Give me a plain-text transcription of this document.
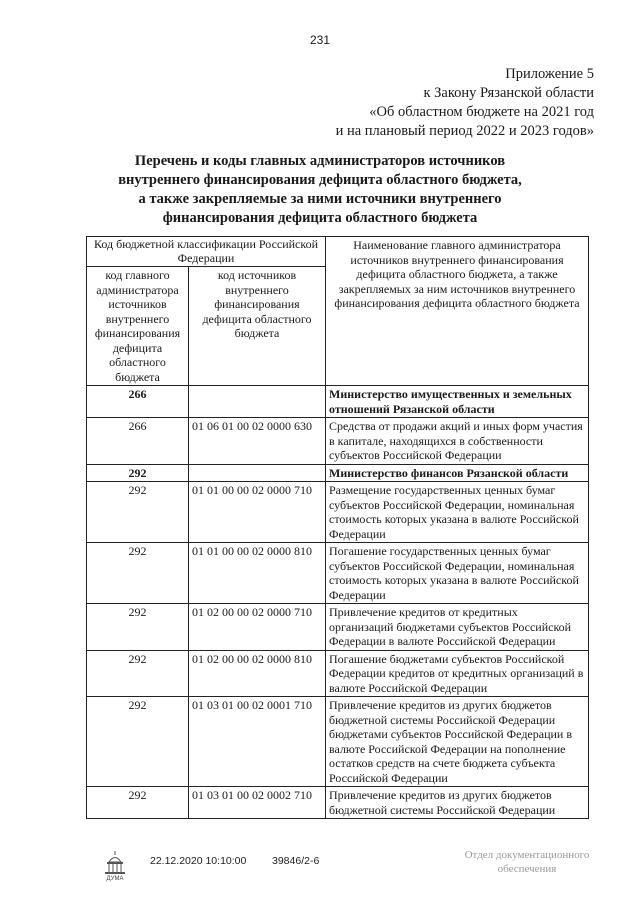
231
Приложение 5
к Закону Рязанской области
«Об областном бюджете на 2021 год
и на плановый период 2022 и 2023 годов»
Перечень и коды главных администраторов источников
внутреннего финансирования дефицита областного бюджета,
а также закрепляемые за ними источники внутреннего
финансирования дефицита областного бюджета
Код бюджетной классификации Российской Федерации		Наименование главного администратора источников внутреннего финансирования дефицита областного бюджета, а также закрепляемых за ним источников внутреннего финансирования дефицита областного бюджета
код главного администратора источников внутреннего финансирования дефицита областного бюджета	код источников внутреннего финансирования дефицита областного бюджета	
266		Министерство имущественных и земельных отношений Рязанской области
266	01 06 01 00 02 0000 630	Средства от продажи акций и иных форм участия в капитале, находящихся в собственности субъектов Российской Федерации
292		Министерство финансов Рязанской области
292	01 01 00 00 02 0000 710	Размещение государственных ценных бумаг субъектов Российской Федерации, номинальная стоимость которых указана в валюте Российской Федерации
292	01 01 00 00 02 0000 810	Погашение государственных ценных бумаг субъектов Российской Федерации, номинальная стоимость которых указана в валюте Российской Федерации
292	01 02 00 00 02 0000 710	Привлечение кредитов от кредитных организаций бюджетами субъектов Российской Федерации в валюте Российской Федерации
292	01 02 00 00 02 0000 810	Погашение бюджетами субъектов Российской Федерации кредитов от кредитных организаций в валюте Российской Федерации
292	01 03 01 00 02 0001 710	Привлечение кредитов из других бюджетов бюджетной системы Российской Федерации бюджетами субъектов Российской Федерации в валюте Российской Федерации на пополнение остатков средств на счете бюджета субъекта Российской Федерации
292	01 03 01 00 02 0002 710	Привлечение кредитов из других бюджетов бюджетной системы Российской Федерации
ДУМА
22.12.2020 10:10:00 39846/2-6	Отдел документационного
обеспечения
